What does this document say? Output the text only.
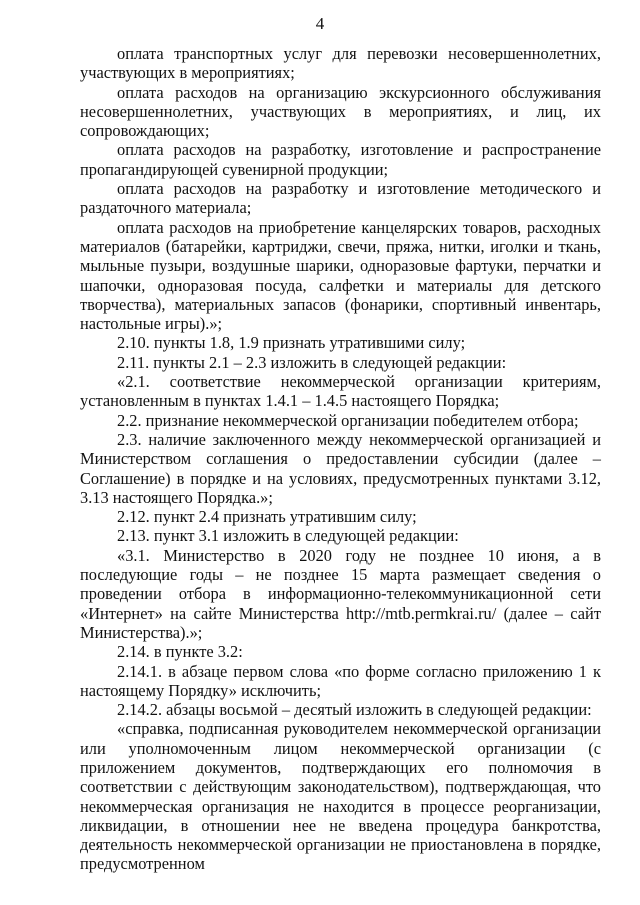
4

оплата транспортных услуг для перевозки несовершеннолетних, участвующих в мероприятиях;

оплата расходов на организацию экскурсионного обслуживания несовершеннолетних, участвующих в мероприятиях, и лиц, их сопровождающих;

оплата расходов на разработку, изготовление и распространение пропагандирующей сувенирной продукции;

оплата расходов на разработку и изготовление методического и раздаточного материала;

оплата расходов на приобретение канцелярских товаров, расходных материалов (батарейки, картриджи, свечи, пряжа, нитки, иголки и ткань, мыльные пузыри, воздушные шарики, одноразовые фартуки, перчатки и шапочки, одноразовая посуда, салфетки и материалы для детского творчества), материальных запасов (фонарики, спортивный инвентарь, настольные игры).»;

2.10. пункты 1.8, 1.9 признать утратившими силу;

2.11. пункты 2.1 – 2.3 изложить в следующей редакции:

«2.1. соответствие некоммерческой организации критериям, установленным в пунктах 1.4.1 – 1.4.5 настоящего Порядка;

2.2. признание некоммерческой организации победителем отбора;

2.3. наличие заключенного между некоммерческой организацией и Министерством соглашения о предоставлении субсидии (далее – Соглашение) в порядке и на условиях, предусмотренных пунктами 3.12, 3.13 настоящего Порядка.»;

2.12. пункт 2.4 признать утратившим силу;

2.13. пункт 3.1 изложить в следующей редакции:

«3.1. Министерство в 2020 году не позднее 10 июня, а в последующие годы – не позднее 15 марта размещает сведения о проведении отбора в информационно-телекоммуникационной сети «Интернет» на сайте Министерства http://mtb.permkrai.ru/ (далее – сайт Министерства).»;

2.14. в пункте 3.2:

2.14.1. в абзаце первом слова «по форме согласно приложению 1 к настоящему Порядку» исключить;

2.14.2. абзацы восьмой – десятый изложить в следующей редакции:

«справка, подписанная руководителем некоммерческой организации или уполномоченным лицом некоммерческой организации (с приложением документов, подтверждающих его полномочия в соответствии с действующим законодательством), подтверждающая, что некоммерческая организация не находится в процессе реорганизации, ликвидации, в отношении нее не введена процедура банкротства, деятельность некоммерческой организации не приостановлена в порядке, предусмотренном
